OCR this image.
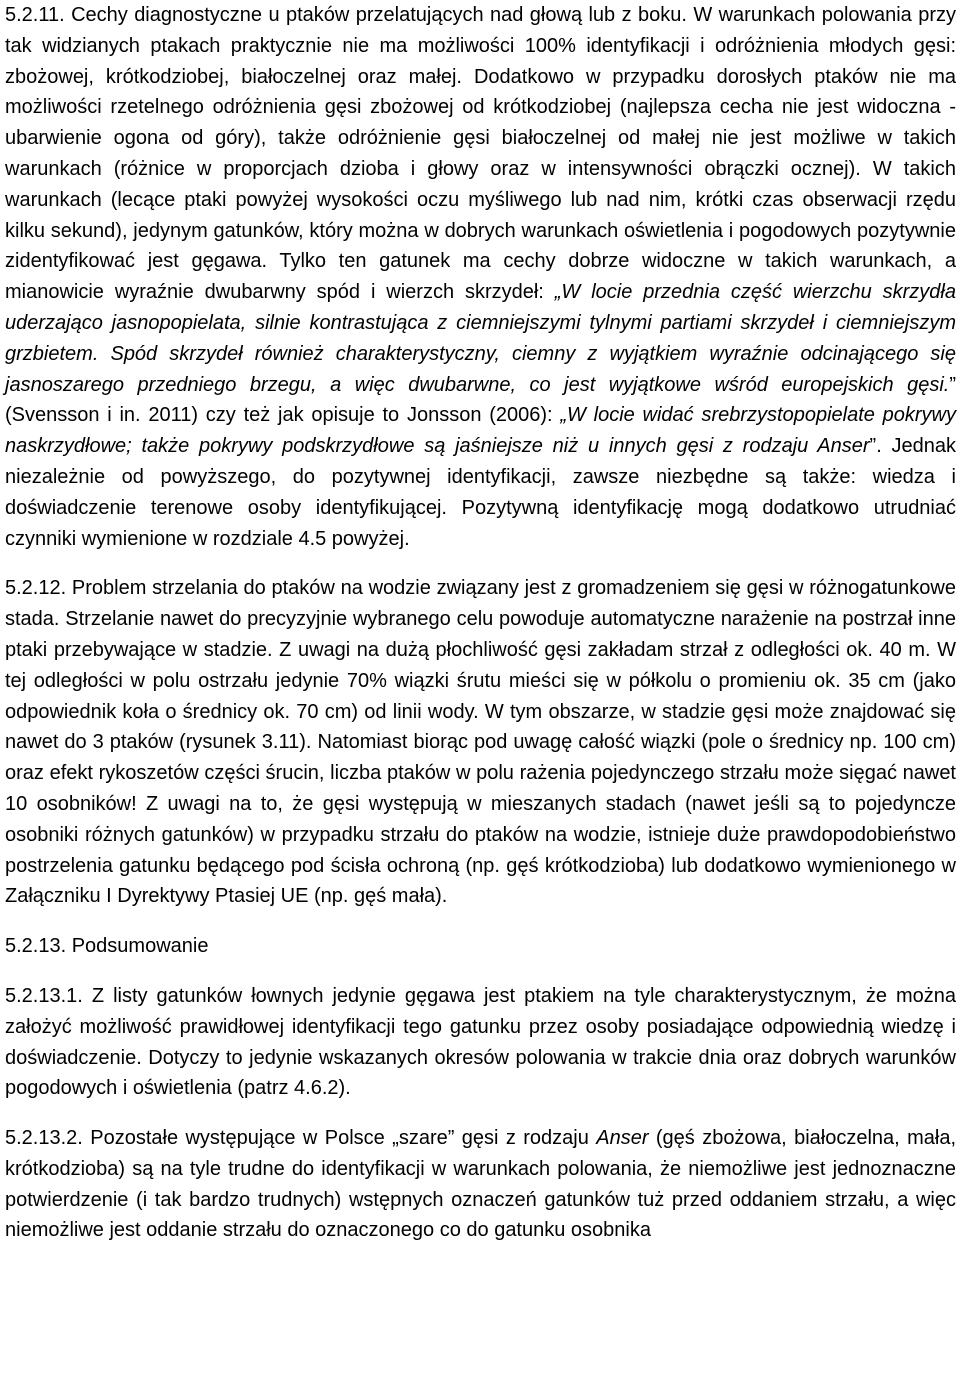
5.2.11. Cechy diagnostyczne u ptaków przelatujących nad głową lub z boku. W warunkach polowania przy tak widzianych ptakach praktycznie nie ma możliwości 100% identyfikacji i odróżnienia młodych gęsi: zbożowej, krótkodziobej, białoczelnej oraz małej. Dodatkowo w przypadku dorosłych ptaków nie ma możliwości rzetelnego odróżnienia gęsi zbożowej od krótkodziobej (najlepsza cecha nie jest widoczna - ubarwienie ogona od góry), także odróżnienie gęsi białoczelnej od małej nie jest możliwe w takich warunkach (różnice w proporcjach dzioba i głowy oraz w intensywności obrączki ocznej). W takich warunkach (lecące ptaki powyżej wysokości oczu myśliwego lub nad nim, krótki czas obserwacji rzędu kilku sekund), jedynym gatunków, który można w dobrych warunkach oświetlenia i pogodowych pozytywnie zidentyfikować jest gęgawa. Tylko ten gatunek ma cechy dobrze widoczne w takich warunkach, a mianowicie wyraźnie dwubarwny spód i wierzch skrzydeł: „W locie przednia część wierzchu skrzydła uderzająco jasnopopielata, silnie kontrastująca z ciemniejszymi tylnymi partiami skrzydeł i ciemniejszym grzbietem. Spód skrzydeł również charakterystyczny, ciemny z wyjątkiem wyraźnie odcinającego się jasnoszarego przedniego brzegu, a więc dwubarwne, co jest wyjątkowe wśród europejskich gęsi.” (Svensson i in. 2011) czy też jak opisuje to Jonsson (2006): „W locie widać srebrzystopopielate pokrywy naskrzydłowe; także pokrywy podskrzydłowe są jaśniejsze niż u innych gęsi z rodzaju Anser”. Jednak niezależnie od powyższego, do pozytywnej identyfikacji, zawsze niezbędne są także: wiedza i doświadczenie terenowe osoby identyfikującej. Pozytywną identyfikację mogą dodatkowo utrudniać czynniki wymienione w rozdziale 4.5 powyżej.

5.2.12. Problem strzelania do ptaków na wodzie związany jest z gromadzeniem się gęsi w różnogatunkowe stada. Strzelanie nawet do precyzyjnie wybranego celu powoduje automatyczne narażenie na postrzał inne ptaki przebywające w stadzie. Z uwagi na dużą płochliwość gęsi zakładam strzał z odległości ok. 40 m. W tej odległości w polu ostrzału jedynie 70% wiązki śrutu mieści się w półkolu o promieniu ok. 35 cm (jako odpowiednik koła o średnicy ok. 70 cm) od linii wody. W tym obszarze, w stadzie gęsi może znajdować się nawet do 3 ptaków (rysunek 3.11). Natomiast biorąc pod uwagę całość wiązki (pole o średnicy np. 100 cm) oraz efekt rykoszetów części śrucin, liczba ptaków w polu rażenia pojedynczego strzału może sięgać nawet 10 osobników! Z uwagi na to, że gęsi występują w mieszanych stadach (nawet jeśli są to pojedyncze osobniki różnych gatunków) w przypadku strzału do ptaków na wodzie, istnieje duże prawdopodobieństwo postrzelenia gatunku będącego pod ścisła ochroną (np. gęś krótkodzioba) lub dodatkowo wymienionego w Załączniku I Dyrektywy Ptasiej UE (np. gęś mała).

5.2.13. Podsumowanie

5.2.13.1. Z listy gatunków łownych jedynie gęgawa jest ptakiem na tyle charakterystycznym, że można założyć możliwość prawidłowej identyfikacji tego gatunku przez osoby posiadające odpowiednią wiedzę i doświadczenie. Dotyczy to jedynie wskazanych okresów polowania w trakcie dnia oraz dobrych warunków pogodowych i oświetlenia (patrz 4.6.2).

5.2.13.2. Pozostałe występujące w Polsce „szare” gęsi z rodzaju Anser (gęś zbożowa, białoczelna, mała, krótkodzioba) są na tyle trudne do identyfikacji w warunkach polowania, że niemożliwe jest jednoznaczne potwierdzenie (i tak bardzo trudnych) wstępnych oznaczeń gatunków tuż przed oddaniem strzału, a więc niemożliwe jest oddanie strzału do oznaczonego co do gatunku osobnika
